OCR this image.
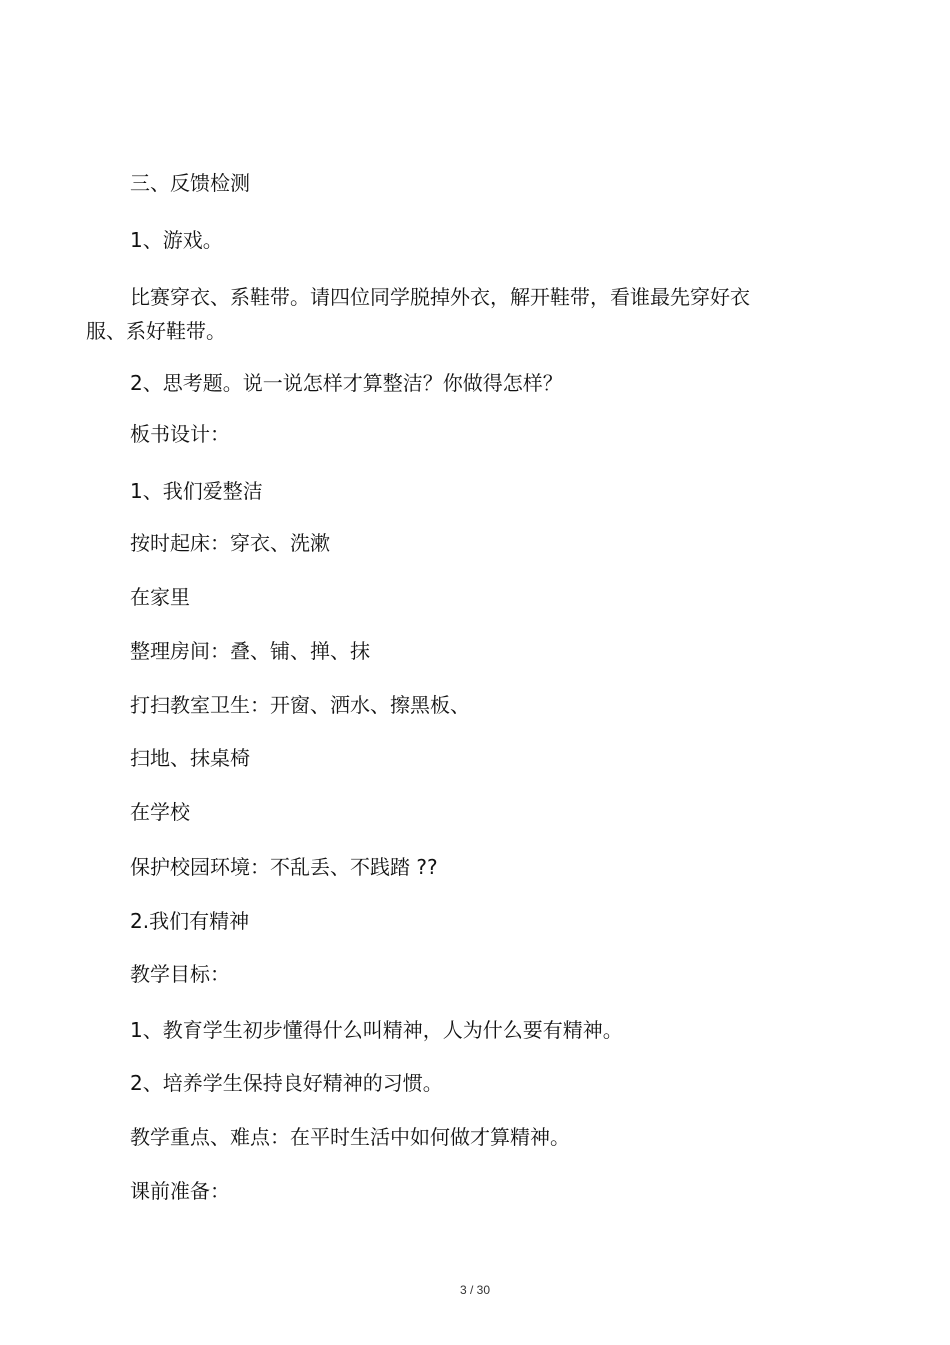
三、反馈检测
1、游戏。
比赛穿衣、系鞋带。请四位同学脱掉外衣，解开鞋带，看谁最先穿好衣
服、系好鞋带。
2、思考题。说一说怎样才算整洁？你做得怎样？
板书设计：
1、我们爱整洁
按时起床：穿衣、洗漱
在家里
整理房间：叠、铺、掸、抹
打扫教室卫生：开窗、洒水、擦黑板、
扫地、抹桌椅
在学校
保护校园环境：不乱丢、不践踏 ??
2.我们有精神
教学目标：
1、教育学生初步懂得什么叫精神，人为什么要有精神。
2、培养学生保持良好精神的习惯。
教学重点、难点：在平时生活中如何做才算精神。
课前准备：
3 / 30
